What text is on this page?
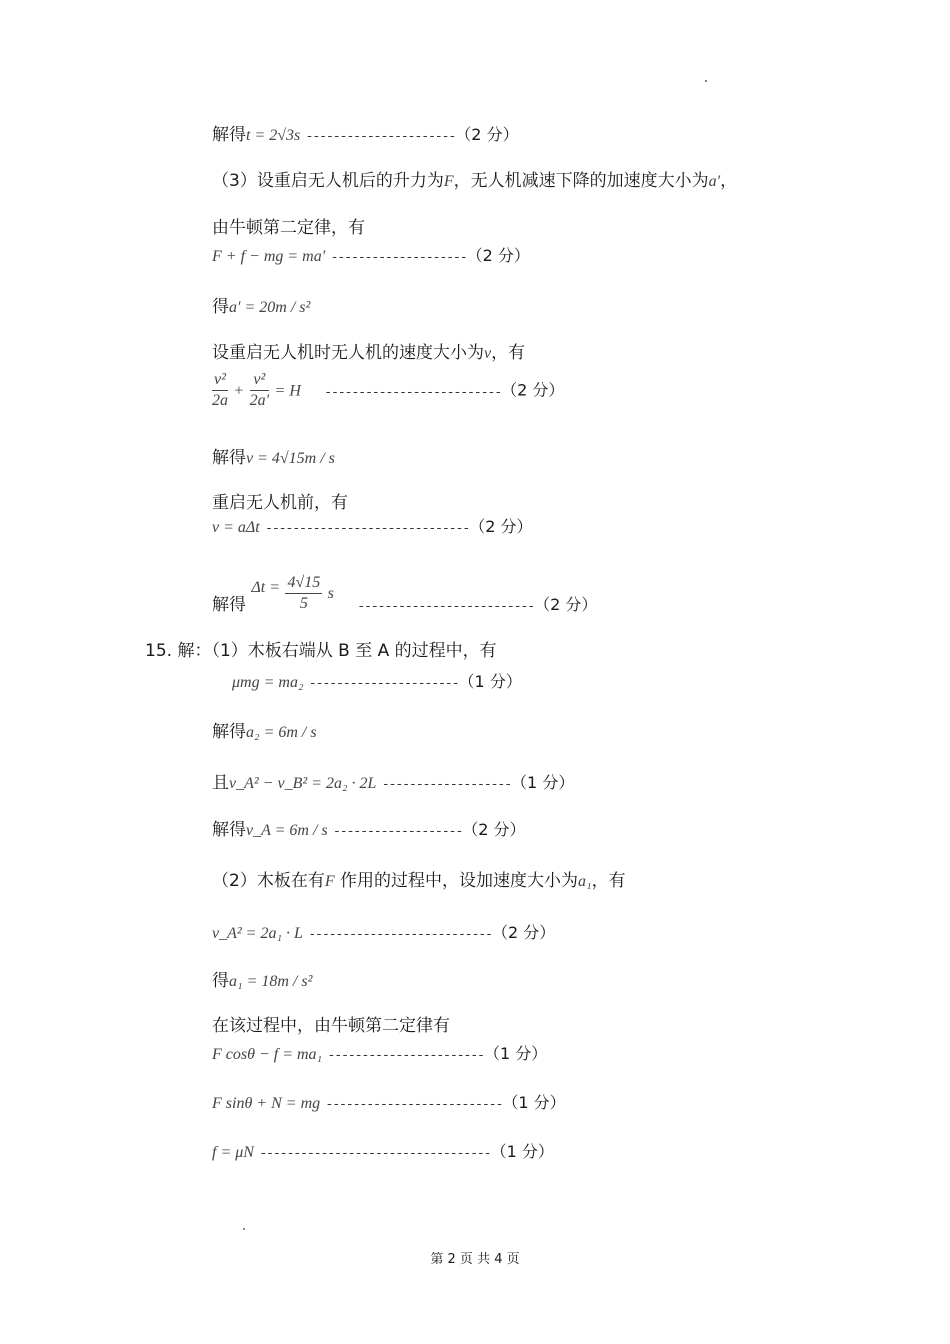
解得t = 2√3s ----------------------（2 分）
（3）设重启无人机后的升力为F，无人机减速下降的加速度大小为a′，
由牛顿第二定律，有
F + f − mg = ma′ --------------------（2 分）
得a′ = 20m / s²
设重启无人机时无人机的速度大小为v，有
$\frac{\text{v²}}{2a} + \frac{\text{v²}}{2a'} = H$ --------------------------（2 分）
解得v = 4√15m / s
重启无人机前，有
v = aΔt ------------------------------（2 分）
解得 $\Delta t = \frac{4√15}{5}$ s $_{--------------------------}$（2 分）
15. 解：（1）木板右端从 B 至 A 的过程中，有
μmg = ma₂ ----------------------（1 分）
解得a₂ = 6m / s
且v_A² − v_B² = 2a₂ · 2L -------------------（1 分）
解得v_A = 6m / s -------------------（2 分）
（2）木板在有F 作用的过程中，设加速度大小为a₁，有
v_A² = 2a₁ · L ---------------------------（2 分）
得a₁ = 18m / s²
在该过程中，由牛顿第二定律有
F cosθ − f = ma₁ -----------------------（1 分）
F sinθ + N = mg --------------------------（1 分）
f = μN ----------------------------------（1 分）
第 2 页 共 4 页
